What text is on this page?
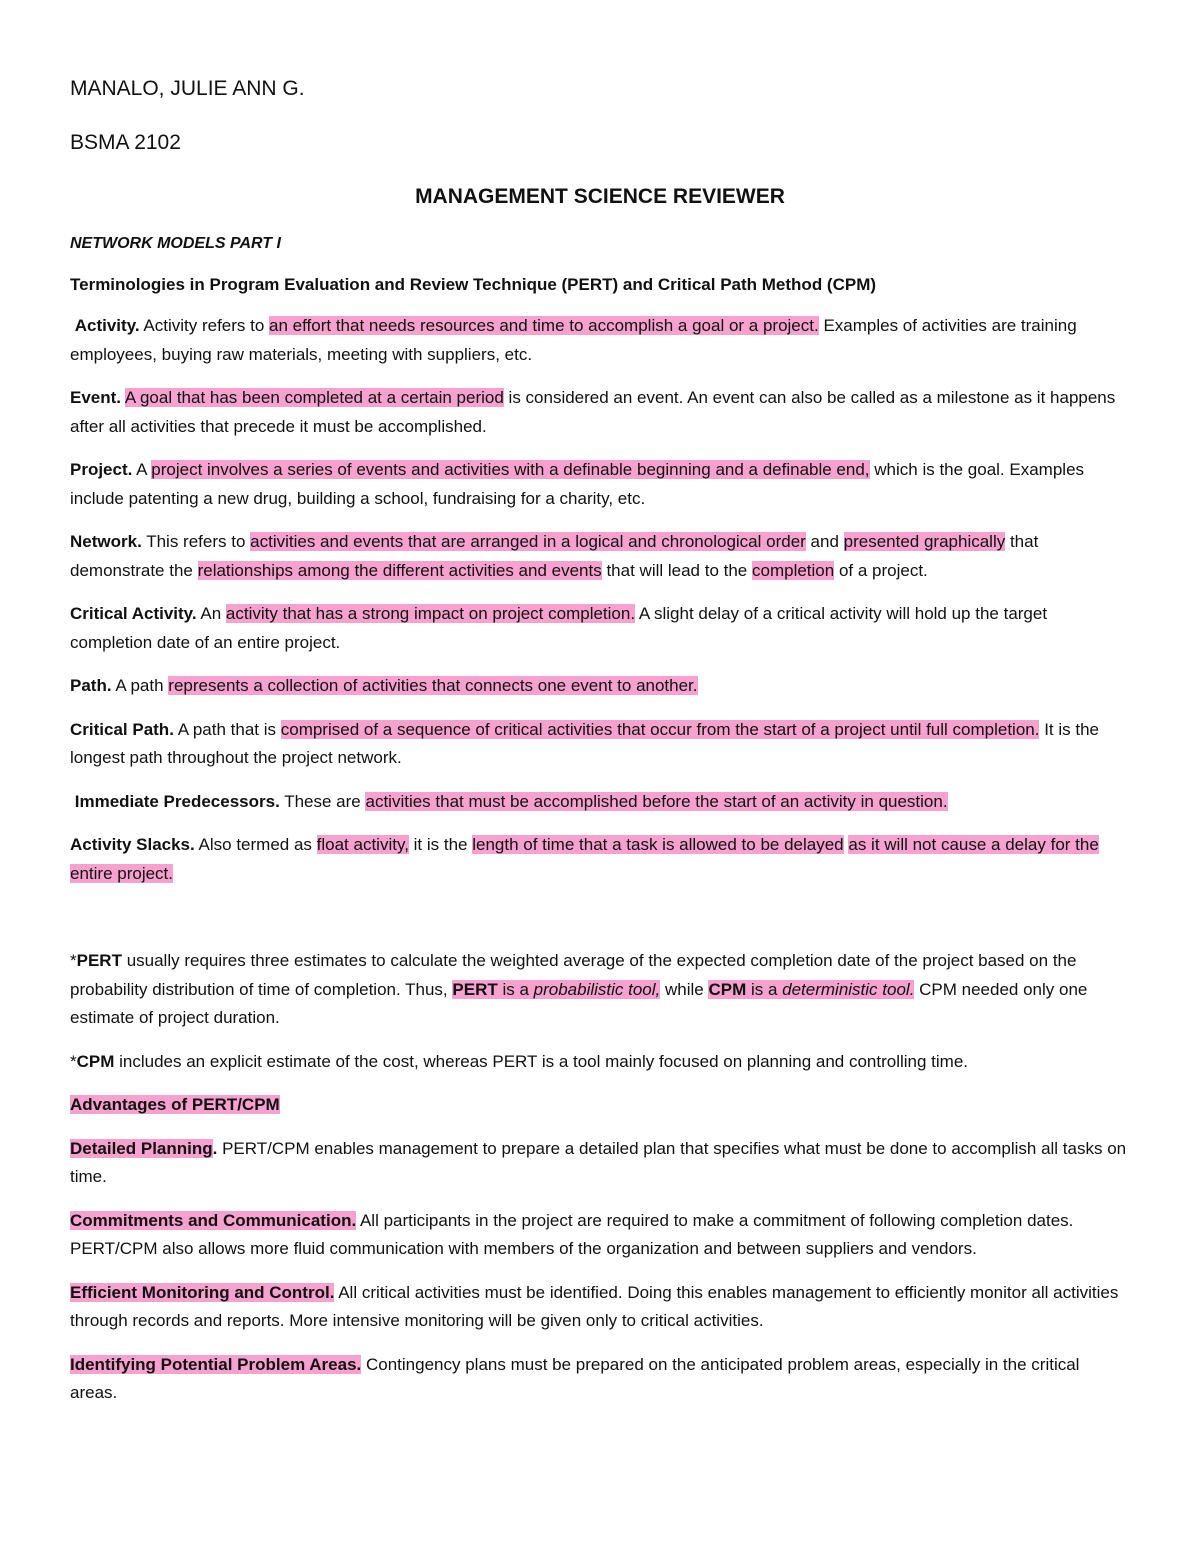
MANALO, JULIE ANN G.

BSMA 2102

MANAGEMENT SCIENCE REVIEWER

NETWORK MODELS PART I

Terminologies in Program Evaluation and Review Technique (PERT) and Critical Path Method (CPM)

Activity. Activity refers to an effort that needs resources and time to accomplish a goal or a project. Examples of activities are training employees, buying raw materials, meeting with suppliers, etc.

Event. A goal that has been completed at a certain period is considered an event. An event can also be called as a milestone as it happens after all activities that precede it must be accomplished.

Project. A project involves a series of events and activities with a definable beginning and a definable end, which is the goal. Examples include patenting a new drug, building a school, fundraising for a charity, etc.

Network. This refers to activities and events that are arranged in a logical and chronological order and presented graphically that demonstrate the relationships among the different activities and events that will lead to the completion of a project.

Critical Activity. An activity that has a strong impact on project completion. A slight delay of a critical activity will hold up the target completion date of an entire project.

Path. A path represents a collection of activities that connects one event to another.

Critical Path. A path that is comprised of a sequence of critical activities that occur from the start of a project until full completion. It is the longest path throughout the project network.

Immediate Predecessors. These are activities that must be accomplished before the start of an activity in question.

Activity Slacks. Also termed as float activity, it is the length of time that a task is allowed to be delayed as it will not cause a delay for the entire project.

*PERT usually requires three estimates to calculate the weighted average of the expected completion date of the project based on the probability distribution of time of completion. Thus, PERT is a probabilistic tool, while CPM is a deterministic tool. CPM needed only one estimate of project duration.

*CPM includes an explicit estimate of the cost, whereas PERT is a tool mainly focused on planning and controlling time.

Advantages of PERT/CPM

Detailed Planning. PERT/CPM enables management to prepare a detailed plan that specifies what must be done to accomplish all tasks on time.

Commitments and Communication. All participants in the project are required to make a commitment of following completion dates. PERT/CPM also allows more fluid communication with members of the organization and between suppliers and vendors.

Efficient Monitoring and Control. All critical activities must be identified. Doing this enables management to efficiently monitor all activities through records and reports. More intensive monitoring will be given only to critical activities.

Identifying Potential Problem Areas. Contingency plans must be prepared on the anticipated problem areas, especially in the critical areas.
